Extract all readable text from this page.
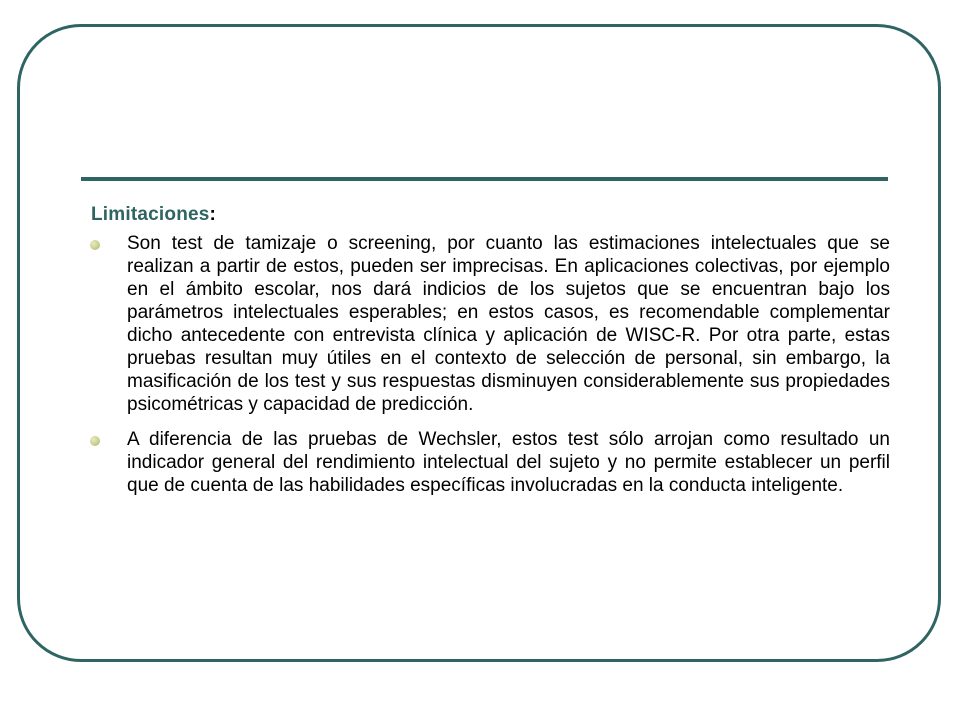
Limitaciones:
Son test de tamizaje o screening, por cuanto las estimaciones intelectuales que se realizan a partir de estos, pueden ser imprecisas. En aplicaciones colectivas, por ejemplo en el ámbito escolar, nos dará indicios de los sujetos que se encuentran bajo los parámetros intelectuales esperables; en estos casos, es recomendable complementar dicho antecedente con entrevista clínica y aplicación de WISC-R. Por otra parte, estas pruebas resultan muy útiles en el contexto de selección de personal, sin embargo, la masificación de los test y sus respuestas disminuyen considerablemente sus propiedades psicométricas y capacidad de predicción.
A diferencia de las pruebas de Wechsler, estos test sólo arrojan como resultado un indicador general del rendimiento intelectual del sujeto y no permite establecer un perfil que de cuenta de las habilidades específicas involucradas en la conducta inteligente.
